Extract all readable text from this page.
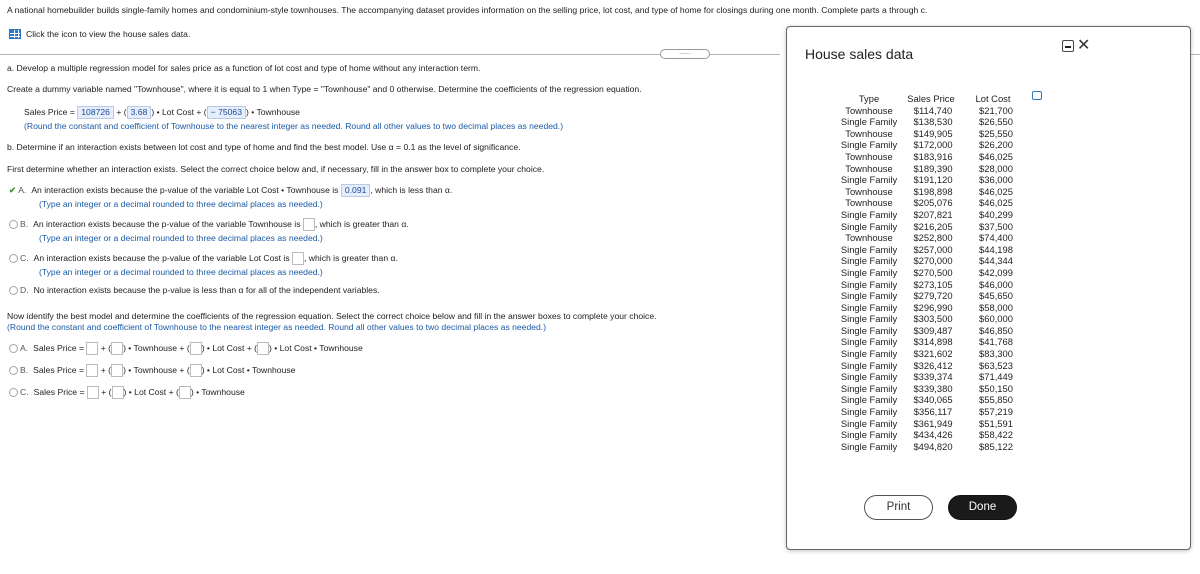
A national homebuilder builds single-family homes and condominium-style townhouses. The accompanying dataset provides information on the selling price, lot cost, and type of home for closings during one month. Complete parts a through c.
Click the icon to view the house sales data.
......
a. Develop a multiple regression model for sales price as a function of lot cost and type of home without any interaction term.
Create a dummy variable named "Townhouse", where it is equal to 1 when Type = "Townhouse" and 0 otherwise. Determine the coefficients of the regression equation.
Sales Price = 108726 + ( 3.68 ) • Lot Cost + ( − 75063 ) • Townhouse
(Round the constant and coefficient of Townhouse to the nearest integer as needed. Round all other values to two decimal places as needed.)
b. Determine if an interaction exists between lot cost and type of home and find the best model. Use α = 0.1 as the level of significance.
First determine whether an interaction exists. Select the correct choice below and, if necessary, fill in the answer box to complete your choice.
✔ A. An interaction exists because the p-value of the variable Lot Cost • Townhouse is 0.091 , which is less than α.
(Type an integer or a decimal rounded to three decimal places as needed.)
B. An interaction exists because the p-value of the variable Townhouse is , which is greater than α.
(Type an integer or a decimal rounded to three decimal places as needed.)
C. An interaction exists because the p-value of the variable Lot Cost is , which is greater than α.
(Type an integer or a decimal rounded to three decimal places as needed.)
D. No interaction exists because the p-value is less than α for all of the independent variables.
Now identify the best model and determine the coefficients of the regression equation. Select the correct choice below and fill in the answer boxes to complete your choice.
(Round the constant and coefficient of Townhouse to the nearest integer as needed. Round all other values to two decimal places as needed.)
A. Sales Price = + ( ) • Townhouse + ( ) • Lot Cost + ( ) • Lot Cost • Townhouse
B. Sales Price = + ( ) • Townhouse + ( ) • Lot Cost • Townhouse
C. Sales Price = + ( ) • Lot Cost + ( ) • Townhouse
House sales data	✕
Type	Sales Price	Lot Cost
Townhouse	$114,740	$21,700
Single Family	$138,530	$26,550
Townhouse	$149,905	$25,550
Single Family	$172,000	$26,200
Townhouse	$183,916	$46,025
Townhouse	$189,390	$28,000
Single Family	$191,120	$36,000
Townhouse	$198,898	$46,025
Townhouse	$205,076	$46,025
Single Family	$207,821	$40,299
Single Family	$216,205	$37,500
Townhouse	$252,800	$74,400
Single Family	$257,000	$44,198
Single Family	$270,000	$44,344
Single Family	$270,500	$42,099
Single Family	$273,105	$46,000
Single Family	$279,720	$45,650
Single Family	$296,990	$58,000
Single Family	$303,500	$60,000
Single Family	$309,487	$46,850
Single Family	$314,898	$41,768
Single Family	$321,602	$83,300
Single Family	$326,412	$63,523
Single Family	$339,374	$71,449
Single Family	$339,380	$50,150
Single Family	$340,065	$55,850
Single Family	$356,117	$57,219
Single Family	$361,949	$51,591
Single Family	$434,426	$58,422
Single Family	$494,820	$85,122
Print	Done
